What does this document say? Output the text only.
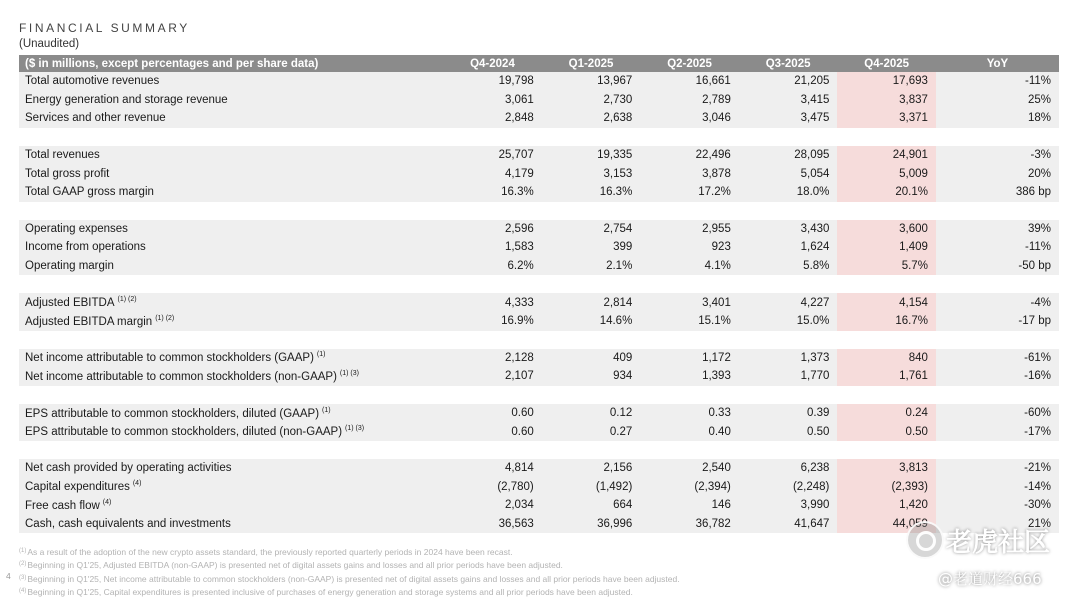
FINANCIAL SUMMARY
(Unaudited)
($ in millions, except percentages and per share data)	Q4-2024	Q1-2025	Q2-2025	Q3-2025	Q4-2025	YoY
Total automotive revenues	19,798	13,967	16,661	21,205	17,693	-11%
Energy generation and storage revenue	3,061	2,730	2,789	3,415	3,837	25%
Services and other revenue	2,848	2,638	3,046	3,475	3,371	18%

Total revenues	25,707	19,335	22,496	28,095	24,901	-3%
Total gross profit	4,179	3,153	3,878	5,054	5,009	20%
Total GAAP gross margin	16.3%	16.3%	17.2%	18.0%	20.1%	386 bp

Operating expenses	2,596	2,754	2,955	3,430	3,600	39%
Income from operations	1,583	399	923	1,624	1,409	-11%
Operating margin	6.2%	2.1%	4.1%	5.8%	5.7%	-50 bp

Adjusted EBITDA $^{(1) (2)}$	4,333	2,814	3,401	4,227	4,154	-4%
Adjusted EBITDA margin $^{(1) (2)}$	16.9%	14.6%	15.1%	15.0%	16.7%	-17 bp

Net income attributable to common stockholders (GAAP) $^{(1)}$	2,128	409	1,172	1,373	840	-61%
Net income attributable to common stockholders (non-GAAP) $^{(1) (3)}$	2,107	934	1,393	1,770	1,761	-16%

EPS attributable to common stockholders, diluted (GAAP) $^{(1)}$	0.60	0.12	0.33	0.39	0.24	-60%
EPS attributable to common stockholders, diluted (non-GAAP) $^{(1) (3)}$	0.60	0.27	0.40	0.50	0.50	-17%

Net cash provided by operating activities	4,814	2,156	2,540	6,238	3,813	-21%
Capital expenditures $^{(4)}$	(2,780)	(1,492)	(2,394)	(2,248)	(2,393)	-14%
Free cash flow $^{(4)}$	2,034	664	146	3,990	1,420	-30%
Cash, cash equivalents and investments	36,563	36,996	36,782	41,647	44,059	21%
$^{(1)}$As a result of the adoption of the new crypto assets standard, the previously reported quarterly periods in 2024 have been recast.
$^{(2)}$Beginning in Q1'25, Adjusted EBITDA (non-GAAP) is presented net of digital assets gains and losses and all prior periods have been adjusted.
$^{(3)}$Beginning in Q1'25, Net income attributable to common stockholders (non-GAAP) is presented net of digital assets gains and losses and all prior periods have been adjusted.
$^{(4)}$Beginning in Q1'25, Capital expenditures is presented inclusive of purchases of energy generation and storage systems and all prior periods have been adjusted.
4
老虎社区
@老道财经666
